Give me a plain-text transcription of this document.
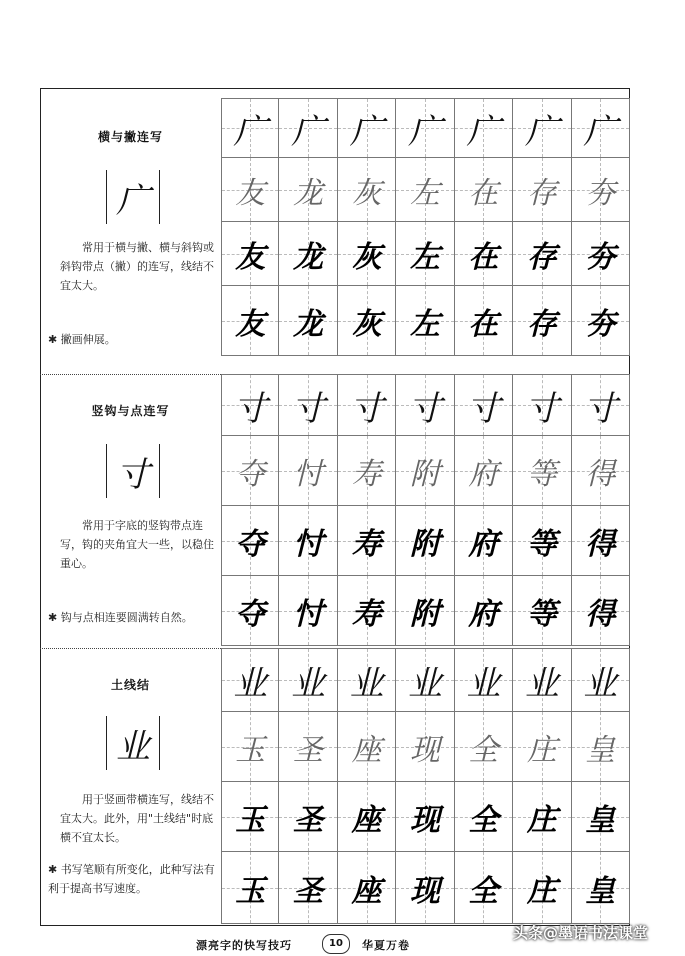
横与撇连写
广
常用于横与撇、横与斜钩或斜钩带点（撇）的连写，线结不宜太大。
✱ 撇画伸展。
竖钩与点连写
寸
常用于字底的竖钩带点连写，钩的夹角宜大一些，以稳住重心。
✱ 钩与点相连要圆满转自然。
土线结
业
用于竖画带横连写，线结不宜太大。此外，用"土线结"时底横不宜太长。
✱ 书写笔顺有所变化，此种写法有利于提高书写速度。
广 广 广 广 广 广 广
友 龙 灰 左 在 存 夯
友 龙 灰 左 在 存 夯
友 龙 灰 左 在 存 夯
寸 寸 寸 寸 寸 寸 寸
夺 忖 寿 附 府 等 得
夺 忖 寿 附 府 等 得
夺 忖 寿 附 府 等 得
业 业 业 业 业 业 业
玉 圣 座 现 全 庄 皇
玉 圣 座 现 全 庄 皇
玉 圣 座 现 全 庄 皇
漂亮字的快写技巧	10	华夏万卷
头条@墨语书法课堂
